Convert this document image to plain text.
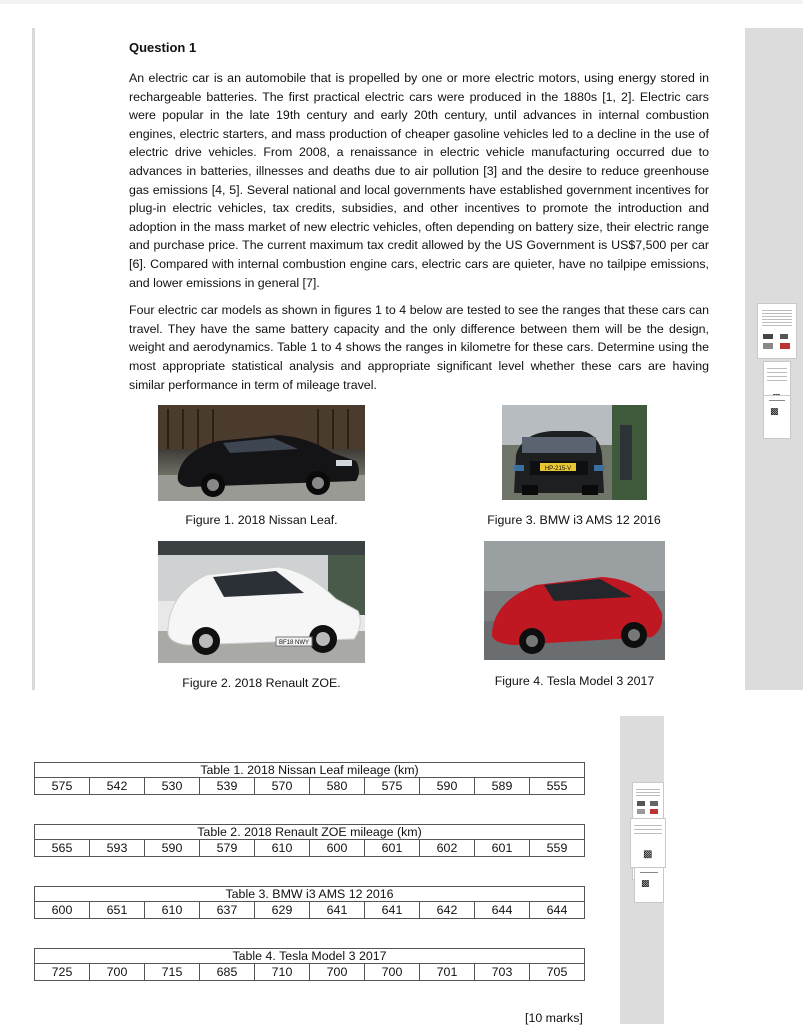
Question 1

An electric car is an automobile that is propelled by one or more electric motors, using energy stored in rechargeable batteries. The first practical electric cars were produced in the 1880s [1, 2]. Electric cars were popular in the late 19th century and early 20th century, until advances in internal combustion engines, electric starters, and mass production of cheaper gasoline vehicles led to a decline in the use of electric drive vehicles. From 2008, a renaissance in electric vehicle manufacturing occurred due to advances in batteries, illnesses and deaths due to air pollution [3] and the desire to reduce greenhouse gas emissions [4, 5]. Several national and local governments have established government incentives for plug-in electric vehicles, tax credits, subsidies, and other incentives to promote the introduction and adoption in the mass market of new electric vehicles, often depending on battery size, their electric range and purchase price. The current maximum tax credit allowed by the US Government is US$7,500 per car [6]. Compared with internal combustion engine cars, electric cars are quieter, have no tailpipe emissions, and lower emissions in general [7].

Four electric car models as shown in figures 1 to 4 below are tested to see the ranges that these cars can travel. They have the same battery capacity and the only difference between them will be the design, weight and aerodynamics. Table 1 to 4 shows the ranges in kilometre for these cars. Determine using the most appropriate statistical analysis and appropriate significant level whether these cars are having similar performance in term of mileage travel.

Figure 1. 2018 Nissan Leaf.
HP-215-V
Figure 3. BMW i3 AMS 12 2016
BF18 NWY
Figure 2. 2018 Renault ZOE.	Figure 4. Tesla Model 3 2017
▩
▩
▩
Table 1. 2018 Nissan Leaf mileage (km)
575	542	530	539	570	580	575	590	589	555
Table 2. 2018 Renault ZOE mileage (km)
565	593	590	579	610	600	601	602	601	559
Table 3. BMW i3 AMS 12 2016
600	651	610	637	629	641	641	642	644	644
Table 4. Tesla Model 3 2017
725	700	715	685	710	700	700	701	703	705
[10 marks]
